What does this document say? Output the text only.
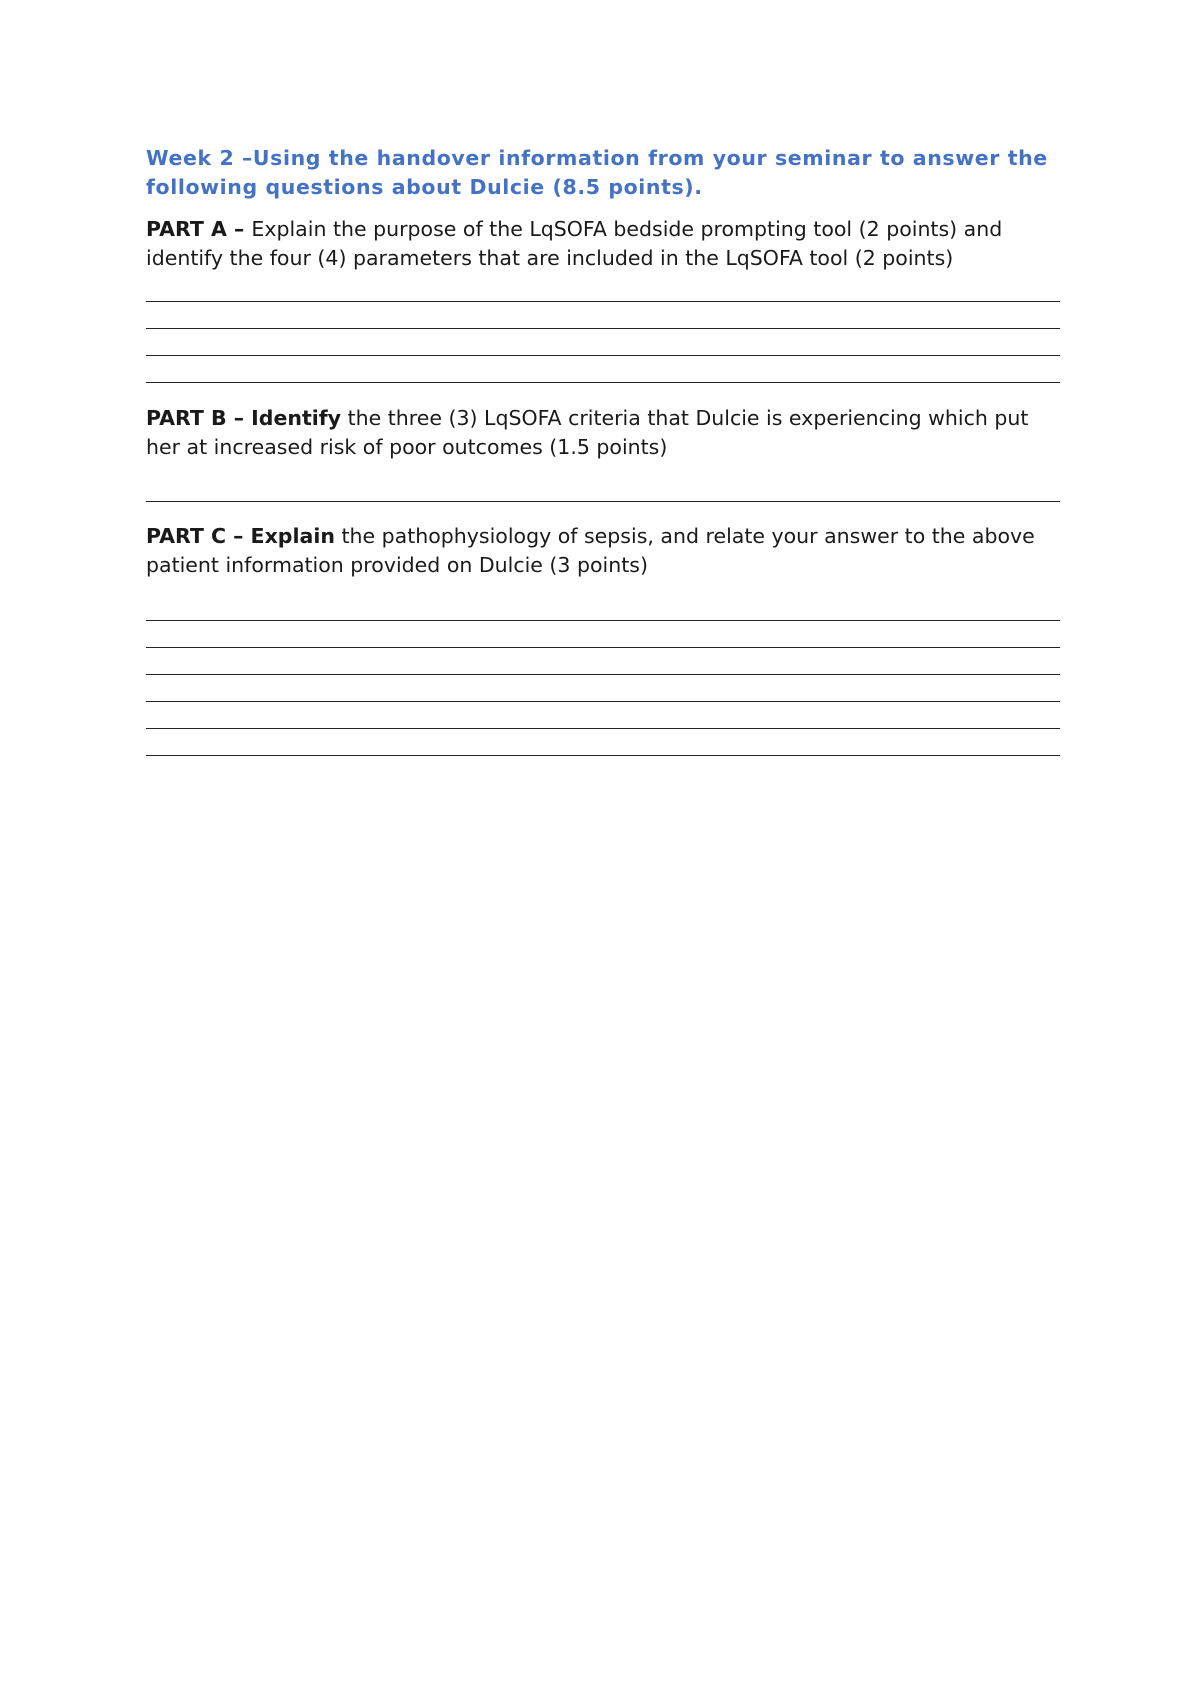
Week 2 –Using the handover information from your seminar to answer the following questions about Dulcie (8.5 points).

PART A – Explain the purpose of the LqSOFA bedside prompting tool (2 points) and identify the four (4) parameters that are included in the LqSOFA tool (2 points)

PART B – Identify the three (3) LqSOFA criteria that Dulcie is experiencing which put her at increased risk of poor outcomes (1.5 points)

PART C – Explain the pathophysiology of sepsis, and relate your answer to the above patient information provided on Dulcie (3 points)
